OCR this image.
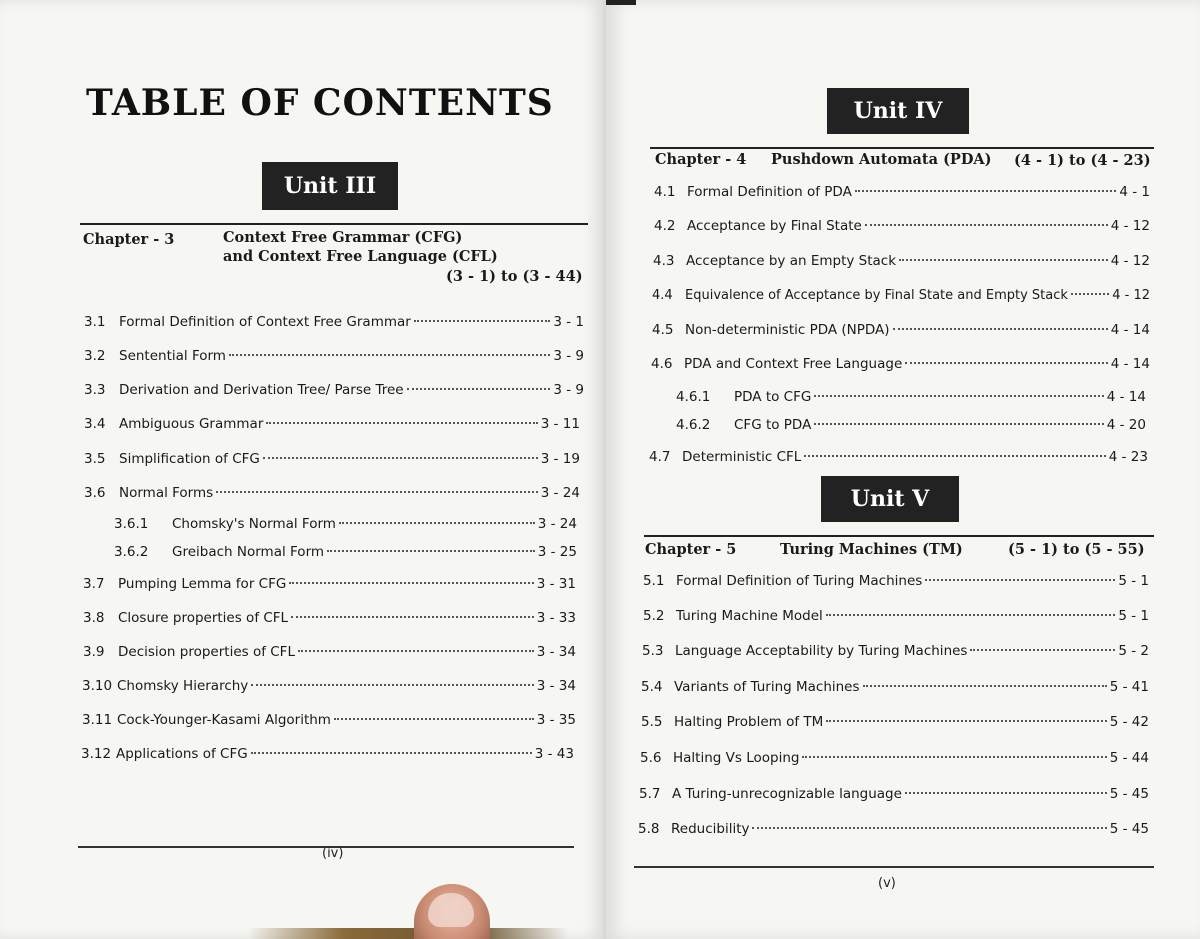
TABLE OF CONTENTS
Unit III
Chapter - 3	Context Free Grammar (CFG)
and Context Free Language (CFL)
(3 - 1) to (3 - 44)
3.1	Formal Definition of Context Free Grammar	3 - 1
3.2	Sentential Form	3 - 9
3.3	Derivation and Derivation Tree/ Parse Tree	3 - 9
3.4	Ambiguous Grammar	3 - 11
3.5	Simplification of CFG	3 - 19
3.6	Normal Forms	3 - 24
3.6.1	Chomsky's Normal Form	3 - 24
3.6.2	Greibach Normal Form	3 - 25
3.7	Pumping Lemma for CFG	3 - 31
3.8	Closure properties of CFL	3 - 33
3.9	Decision properties of CFL	3 - 34
3.10 Chomsky Hierarchy	3 - 34
3.11 Cock-Younger-Kasami Algorithm	3 - 35
3.12 Applications of CFG	3 - 43
(iv)
Unit IV
Chapter - 4 Pushdown Automata (PDA) (4 - 1) to (4 - 23)
4.1 Formal Definition of PDA	4 - 1
4.2 Acceptance by Final State	4 - 12
4.3 Acceptance by an Empty Stack	4 - 12
4.4 Equivalence of Acceptance by Final State and Empty Stack	4 - 12
4.5 Non-deterministic PDA (NPDA)	4 - 14
4.6 PDA and Context Free Language	4 - 14
4.6.1	PDA to CFG	4 - 14
4.6.2	CFG to PDA	4 - 20
4.7 Deterministic CFL	4 - 23
Unit V
Chapter - 5	Turing Machines (TM)	(5 - 1) to (5 - 55)
5.1 Formal Definition of Turing Machines	5 - 1
5.2 Turing Machine Model	5 - 1
5.3 Language Acceptability by Turing Machines	5 - 2
5.4 Variants of Turing Machines	5 - 41
5.5 Halting Problem of TM	5 - 42
5.6 Halting Vs Looping	5 - 44
5.7 A Turing-unrecognizable language	5 - 45
5.8 Reducibility	5 - 45
(v)
